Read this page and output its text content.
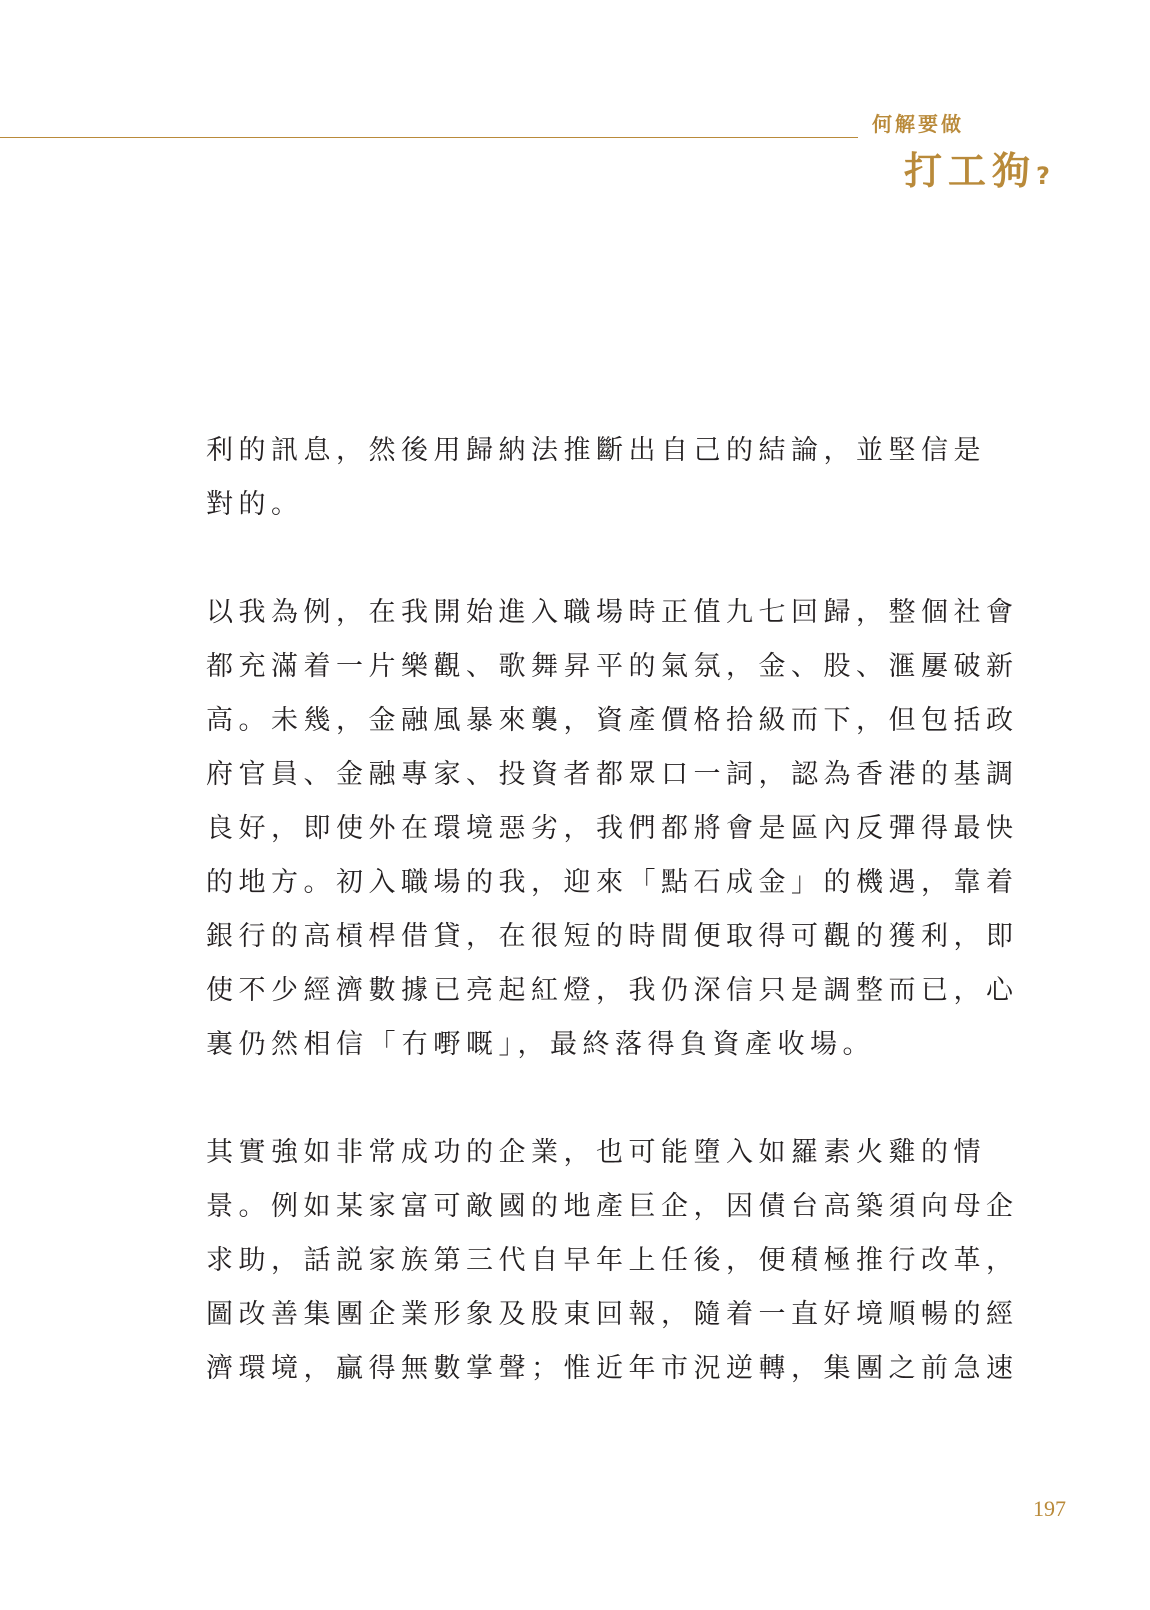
何解要做
打工狗?

利的訊息，然後用歸納法推斷出自己的結論，並堅信是
對的。

以我為例，在我開始進入職場時正值九七回歸，整個社會
都充滿着一片樂觀、歌舞昇平的氣氛，金、股、滙屢破新
高。未幾，金融風暴來襲，資產價格拾級而下，但包括政
府官員、金融專家、投資者都眾口一詞，認為香港的基調
良好，即使外在環境惡劣，我們都將會是區內反彈得最快
的地方。初入職場的我，迎來「點石成金」的機遇，靠着
銀行的高槓桿借貸，在很短的時間便取得可觀的獲利，即
使不少經濟數據已亮起紅燈，我仍深信只是調整而已，心
裏仍然相信「冇嘢嘅」，最終落得負資產收場。

其實強如非常成功的企業，也可能墮入如羅素火雞的情
景。例如某家富可敵國的地產巨企，因債台高築須向母企
求助，話説家族第三代自早年上任後，便積極推行改革，
圖改善集團企業形象及股東回報，隨着一直好境順暢的經
濟環境，贏得無數掌聲；惟近年市況逆轉，集團之前急速

197
